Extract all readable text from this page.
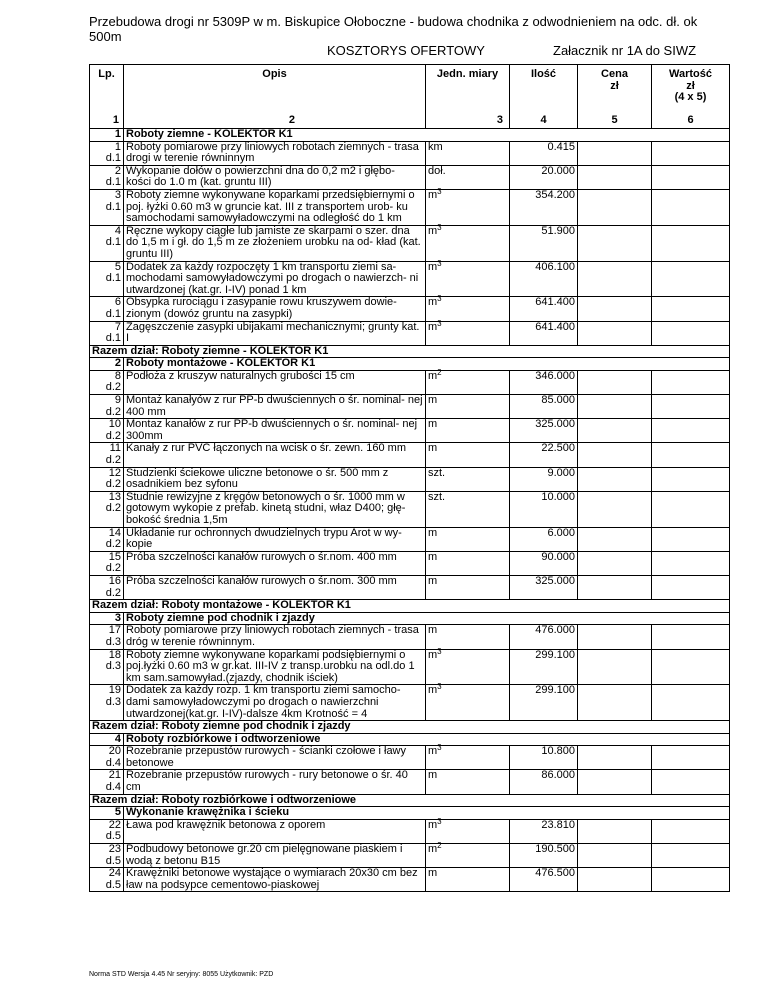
Przebudowa drogi nr 5309P w m. Biskupice Ołoboczne - budowa chodnika z odwodnieniem na odc. dł. ok 500m
KOSZTORYS OFERTOWY	Załacznik nr 1A do SIWZ
Lp.	Opis	Jedn. miary	Ilość	Cena
zł	Wartość
zł
(4 x 5)
1	2	3	4	5	6
1	Roboty ziemne - KOLEKTOR K1				
1
d.1	Roboty pomiarowe przy liniowych robotach ziemnych - trasa drogi w terenie równinnym	km	0.415		
2
d.1	Wykopanie dołów o powierzchni dna do 0,2 m2 i głębo- kości do 1.0 m (kat. gruntu III)	doł.	20.000		
3
d.1	Roboty ziemne wykonywane koparkami przedsiębiernymi o poj. łyżki 0.60 m3 w gruncie kat. III z transportem urob- ku samochodami samowyładowczymi na odległość do 1 km	$m^3$	354.200		
4
d.1	Ręczne wykopy ciągłe lub jamiste ze skarpami o szer. dna do 1,5 m i gł. do 1,5 m ze złożeniem urobku na od- kład (kat. gruntu III)	$m^3$	51.900		
5
d.1	Dodatek za każdy rozpoczęty 1 km transportu ziemi sa- mochodami samowyładowczymi po drogach o nawierzch- ni utwardzonej (kat.gr. I-IV) ponad 1 km	$m^3$	406.100		
6
d.1	Obsypka rurociągu i zasypanie rowu kruszywem dowie- zionym (dowóz gruntu na zasypki)	$m^3$	641.400		
7
d.1	Zagęszczenie zasypki ubijakami mechanicznymi; grunty kat. I	$m^3$	641.400		
Razem dział: Roboty ziemne - KOLEKTOR K1					
2	Roboty montażowe - KOLEKTOR K1				
8
d.2	Podłoża z kruszyw naturalnych grubości 15 cm	$m^2$	346.000		
9
d.2	Montaż kanałyów z rur PP-b dwuściennych o śr. nominal- nej 400 mm	m	85.000		
10
d.2	Montaz kanałów z rur PP-b dwuściennych o śr. nominal- nej 300mm	m	325.000		
11
d.2	Kanały z rur PVC łączonych na wcisk o śr. zewn. 160 mm	m	22.500		
12
d.2	Studzienki ściekowe uliczne betonowe o śr. 500 mm z osadnikiem bez syfonu	szt.	9.000		
13
d.2	Studnie rewizyjne z kręgów betonowych o śr. 1000 mm w gotowym wykopie z prefab. kinetą studni, właz D400; głę- bokość średnia 1,5m	szt.	10.000		
14
d.2	Układanie rur ochronnych dwudzielnych trypu Arot w wy- kopie	m	6.000		
15
d.2	Próba szczelności kanałów rurowych o śr.nom. 400 mm	m	90.000		
16
d.2	Próba szczelności kanałów rurowych o śr.nom. 300 mm	m	325.000		
Razem dział: Roboty montażowe - KOLEKTOR K1					
3	Roboty ziemne pod chodnik i zjazdy				
17
d.3	Roboty pomiarowe przy liniowych robotach ziemnych - trasa dróg w terenie równinnym.	m	476.000		
18
d.3	Roboty ziemne wykonywane koparkami podsiębiernymi o poj.łyżki 0.60 m3 w gr.kat. III-IV z transp.urobku na odl.do 1 km sam.samowyład.(zjazdy, chodnik iściek)	$m^3$	299.100		
19
d.3	Dodatek za każdy rozp. 1 km transportu ziemi samocho- dami samowyładowczymi po drogach o nawierzchni utwardzonej(kat.gr. I-IV)-dalsze 4km Krotność = 4	$m^3$	299.100		
Razem dział: Roboty ziemne pod chodnik i zjazdy					
4	Roboty rozbiórkowe i odtworzeniowe				
20
d.4	Rozebranie przepustów rurowych - ścianki czołowe i ławy betonowe	$m^3$	10.800		
21
d.4	Rozebranie przepustów rurowych - rury betonowe o śr. 40 cm	m	86.000		
Razem dział: Roboty rozbiórkowe i odtworzeniowe					
5	Wykonanie krawężnika i ścieku				
22
d.5	Ława pod krawężnik betonowa z oporem	$m^3$	23.810		
23
d.5	Podbudowy betonowe gr.20 cm pielęgnowane piaskiem i wodą z betonu B15	$m^2$	190.500		
24
d.5	Krawężniki betonowe wystające o wymiarach 20x30 cm bez ław na podsypce cementowo-piaskowej	m	476.500		
Norma STD Wersja 4.45 Nr seryjny: 8055 Użytkownik: PZD
